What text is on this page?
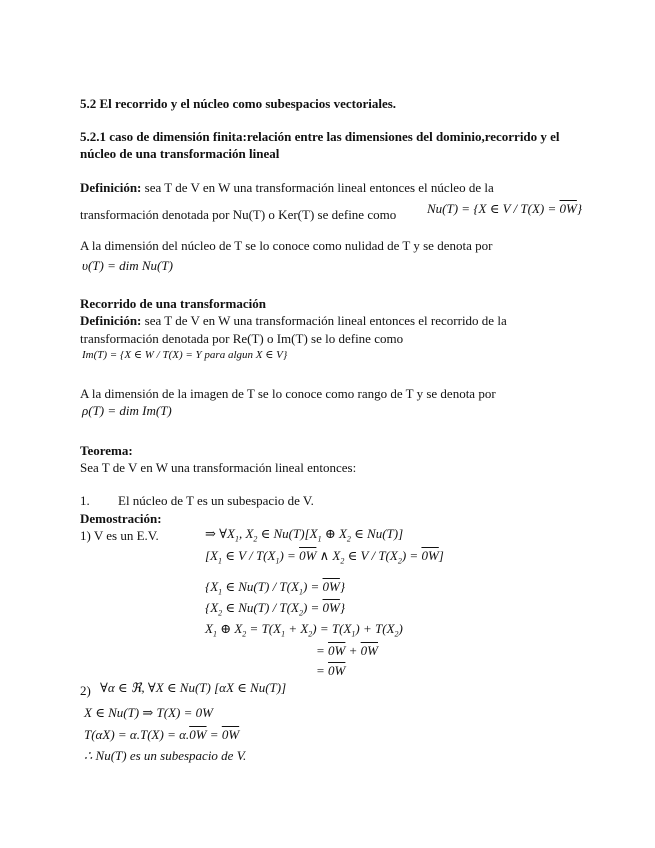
5.2 El recorrido y el núcleo como subespacios vectoriales.
5.2.1 caso de dimensión finita:relación entre las dimensiones del dominio,recorrido y el
núcleo de una transformación lineal
Definición: sea T de V en W una transformación lineal entonces el núcleo de la
transformación denotada por Nu(T) o Ker(T) se define como Nu(T) = {X ∈ V / T(X) = 0W}
A la dimensión del núcleo de T se lo conoce como nulidad de T y se denota por
υ(T) = dim Nu(T)
Recorrido de una transformación
Definición: sea T de V en W una transformación lineal entonces el recorrido de la
transformación denotada por Re(T) o Im(T) se lo define como
Im(T) = {X ∈ W / T(X) = Y para algun X ∈ V}
A la dimensión de la imagen de T se lo conoce como rango de T y se denota por
ρ(T) = dim Im(T)
Teorema:
Sea T de V en W una transformación lineal entonces:
1. El núcleo de T es un subespacio de V.
Demostración:
1) V es un E.V.	⇒ $\forall X_1$, $X_2$ ∈ $Nu(T)[X_1$ ⊕ $X_2$ ∈ Nu(T)]
[$X_1$ ∈ $V / T(X_1) = 0W$ ∧ $X_2$ ∈ $V / T(X_2) = 0W$]
{$X_1$ ∈ $Nu(T) / T(X_1) = 0W$}
{$X_2$ ∈ $Nu(T) / T(X_2) = 0W$}
$X_1$ ⊕ $X_2 = T(X_1 + X_2) = T(X_1) + T(X_2)$
= 0W + 0W
= 0W
2) ∀α ∈ ℜ, ∀X ∈ Nu(T) [αX ∈ Nu(T)]
X ∈ Nu(T) ⇒ T(X) = 0W
T(αX) = α.T(X) = α.0W = 0W
∴ Nu(T) es un subespacio de V.
